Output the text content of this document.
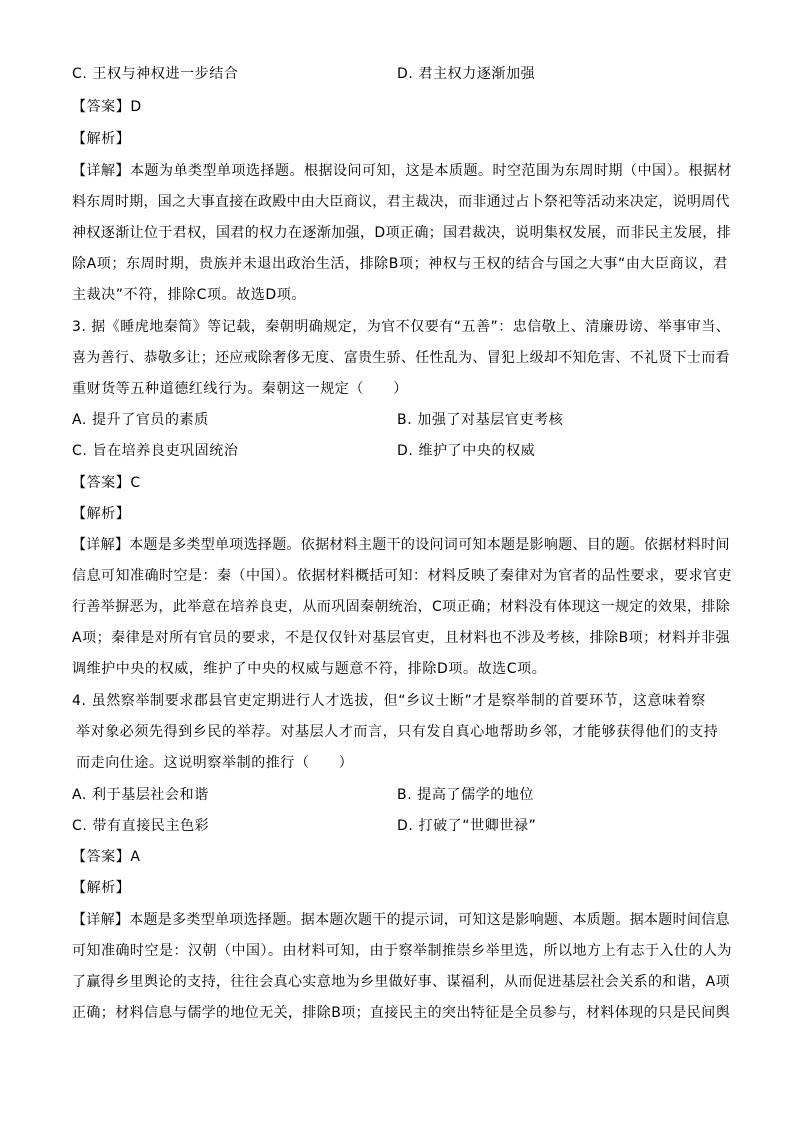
C. 王权与神权进一步结合	D. 君主权力逐渐加强
【答案】D
【解析】
【详解】本题为单类型单项选择题。根据设问可知，这是本质题。时空范围为东周时期（中国）。根据材
料东周时期，国之大事直接在政殿中由大臣商议，君主裁决，而非通过占卜祭祀等活动来决定，说明周代
神权逐渐让位于君权，国君的权力在逐渐加强，D项正确；国君裁决，说明集权发展，而非民主发展，排
除A项；东周时期，贵族并未退出政治生活，排除B项；神权与王权的结合与国之大事“由大臣商议，君
主裁决”不符，排除C项。故选D项。
3. 据《睡虎地秦简》等记载，秦朝明确规定，为官不仅要有“五善”：忠信敬上、清廉毋谤、举事审当、
喜为善行、恭敬多让；还应戒除奢侈无度、富贵生骄、任性乱为、冒犯上级却不知危害、不礼贤下士而看
重财货等五种道德红线行为。秦朝这一规定（　　）
A. 提升了官员的素质	B. 加强了对基层官吏考核
C. 旨在培养良吏巩固统治	D. 维护了中央的权威
【答案】C
【解析】
【详解】本题是多类型单项选择题。依据材料主题干的设问词可知本题是影响题、目的题。依据材料时间
信息可知准确时空是：秦（中国）。依据材料概括可知：材料反映了秦律对为官者的品性要求，要求官吏
行善举摒恶为，此举意在培养良吏，从而巩固秦朝统治，C项正确；材料没有体现这一规定的效果，排除
A项；秦律是对所有官员的要求，不是仅仅针对基层官吏，且材料也不涉及考核，排除B项；材料并非强
调维护中央的权威，维护了中央的权威与题意不符，排除D项。故选C项。
4. 虽然察举制要求郡县官吏定期进行人才选拔，但“乡议士断”才是察举制的首要环节，这意味着察
举对象必须先得到乡民的举荐。对基层人才而言，只有发自真心地帮助乡邻，才能够获得他们的支持
而走向仕途。这说明察举制的推行（　　）
A. 利于基层社会和谐	B. 提高了儒学的地位
C. 带有直接民主色彩	D. 打破了“世卿世禄”
【答案】A
【解析】
【详解】本题是多类型单项选择题。据本题次题干的提示词，可知这是影响题、本质题。据本题时间信息
可知准确时空是：汉朝（中国）。由材料可知，由于察举制推崇乡举里选，所以地方上有志于入仕的人为
了赢得乡里舆论的支持，往往会真心实意地为乡里做好事、谋福利，从而促进基层社会关系的和谐，A项
正确；材料信息与儒学的地位无关，排除B项；直接民主的突出特征是全员参与，材料体现的只是民间舆
